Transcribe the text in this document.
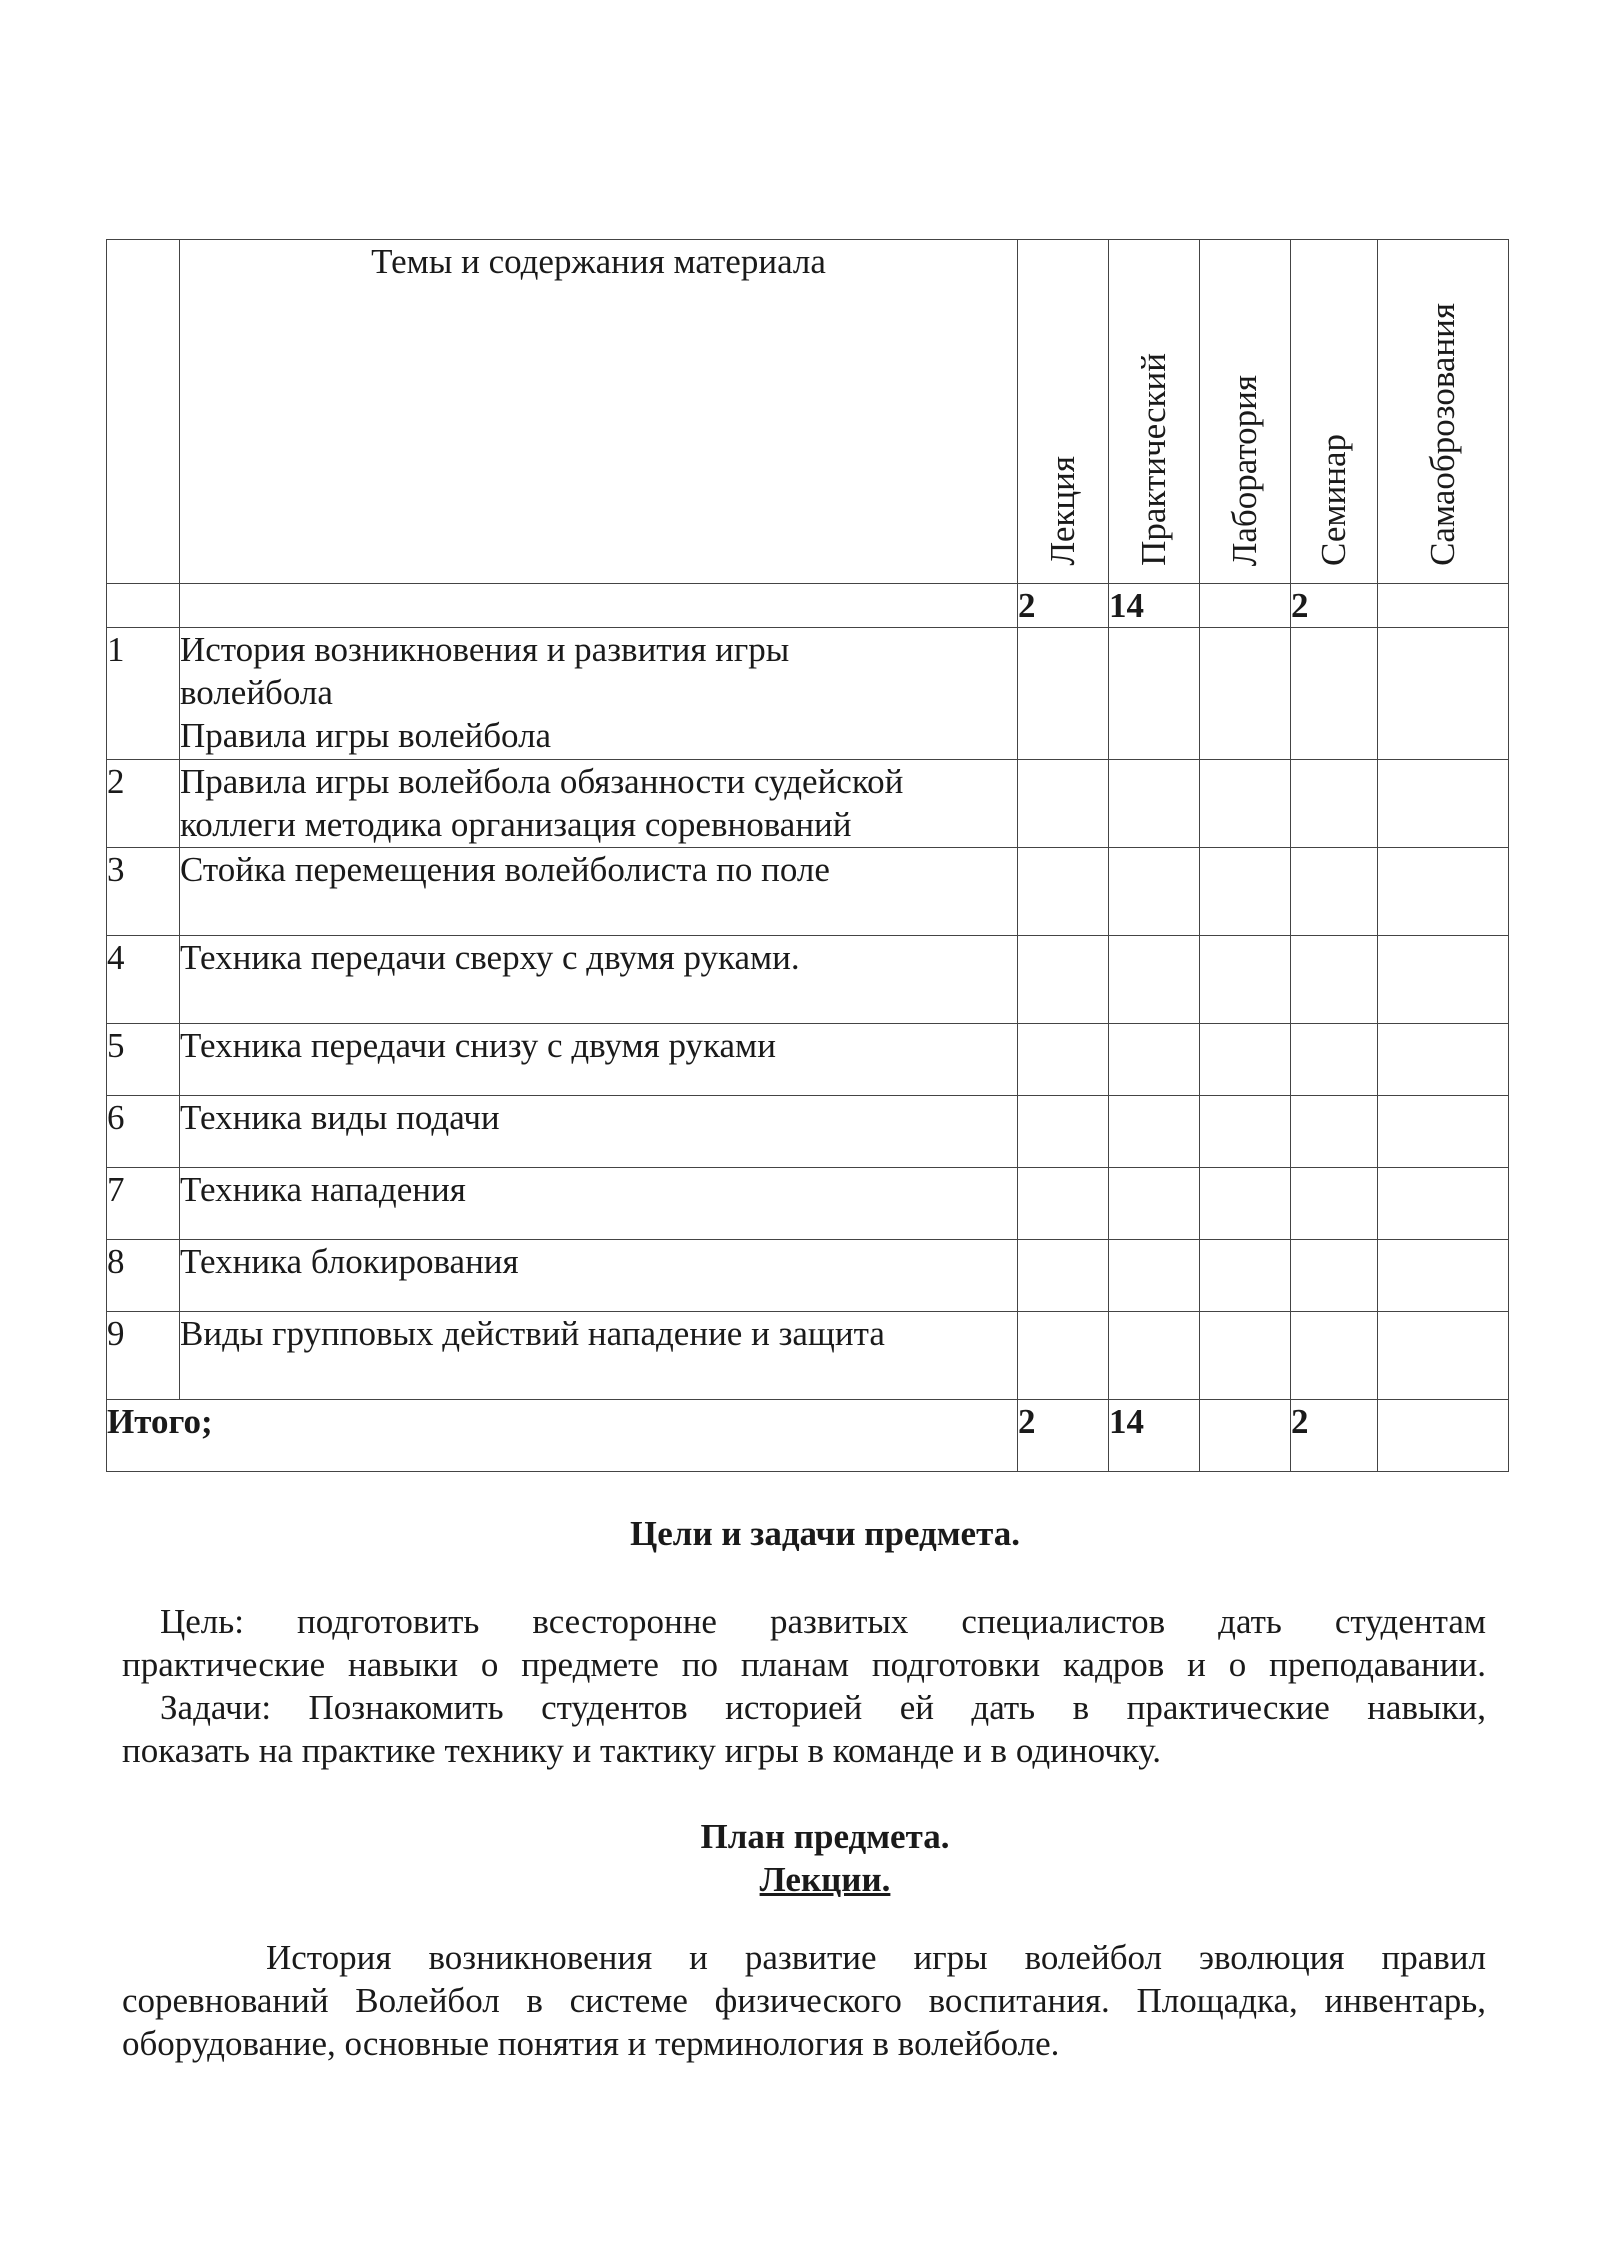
	Темы и содержания материала	Лекция	Практический	Лаборатория	Семинар	Самаоброзования

		2	14		2	
1	История возникновения и развития игры
волейбола
Правила игры волейбола					

2	Правила игры волейбола обязанности судейской
коллеги методика организация соревнований					

3	Стойка перемещения волейболиста по поле					

4	Техника передачи сверху с двумя руками.					

5	Техника передачи снизу с двумя руками					

6	Техника виды подачи					

7	Техника нападения					

8	Техника блокирования					

9	Виды групповых действий нападение и защита					

Итого;		2	14		2	
Цели и задачи предмета.
Цель: подготовить всесторонне развитых специалистов дать студентам
практические навыки о предмете по планам подготовки кадров и о преподавании.
Задачи: Познакомить студентов историей ей дать в практические навыки,
показать на практике технику и тактику игры в команде и в одиночку.
План предмета.
Лекции.
История возникновения и развитие игры волейбол эволюция правил
соревнований Волейбол в системе физического воспитания. Площадка, инвентарь,
оборудование, основные понятия и терминология в волейболе.
